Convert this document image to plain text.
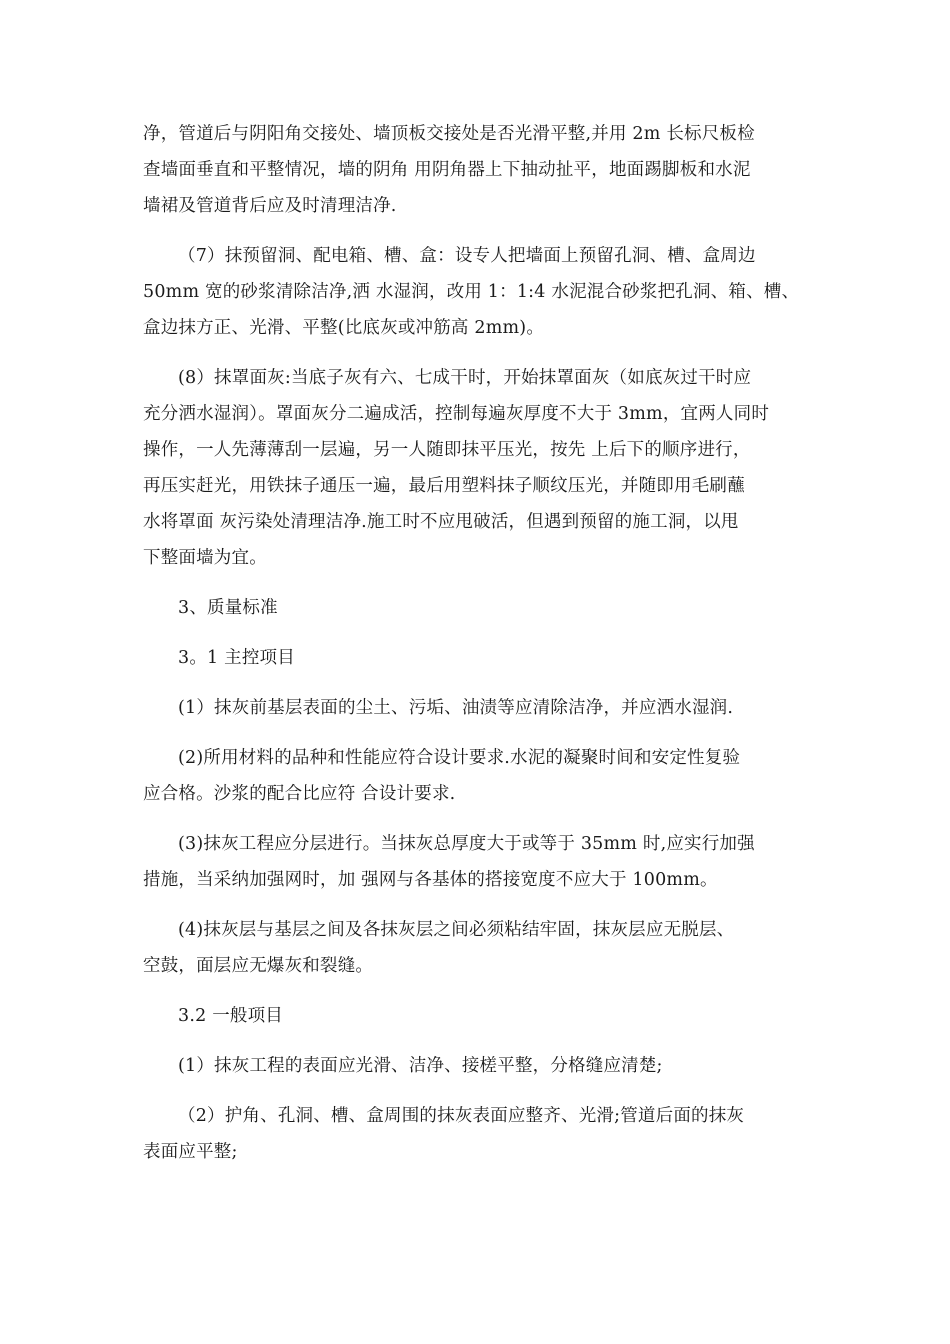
净，管道后与阴阳角交接处、墙顶板交接处是否光滑平整,并用 2m 长标尺板检
查墙面垂直和平整情况，墙的阴角 用阴角器上下抽动扯平，地面踢脚板和水泥
墙裙及管道背后应及时清理洁净.

（7）抹预留洞、配电箱、槽、盒：设专人把墙面上预留孔洞、槽、盒周边
50mm 宽的砂浆清除洁净,洒 水湿润，改用 1：1:4 水泥混合砂浆把孔洞、箱、槽、
盒边抹方正、光滑、平整(比底灰或冲筋高 2mm)。

(8）抹罩面灰:当底子灰有六、七成干时，开始抹罩面灰（如底灰过干时应
充分洒水湿润）。罩面灰分二遍成活，控制每遍灰厚度不大于 3mm，宜两人同时
操作，一人先薄薄刮一层遍，另一人随即抹平压光，按先 上后下的顺序进行，
再压实赶光，用铁抹子通压一遍，最后用塑料抹子顺纹压光，并随即用毛刷蘸
水将罩面 灰污染处清理洁净.施工时不应甩破活，但遇到预留的施工洞，以甩
下整面墙为宜。

3、质量标准

3。1 主控项目

(1）抹灰前基层表面的尘土、污垢、油渍等应清除洁净，并应洒水湿润.

(2)所用材料的品种和性能应符合设计要求.水泥的凝聚时间和安定性复验
应合格。沙浆的配合比应符 合设计要求.

(3)抹灰工程应分层进行。当抹灰总厚度大于或等于 35mm 时,应实行加强
措施，当采纳加强网时，加 强网与各基体的搭接宽度不应大于 100mm。

(4)抹灰层与基层之间及各抹灰层之间必须粘结牢固，抹灰层应无脱层、
空鼓，面层应无爆灰和裂缝。

3.2 一般项目

(1）抹灰工程的表面应光滑、洁净、接槎平整，分格缝应清楚;

（2）护角、孔洞、槽、盒周围的抹灰表面应整齐、光滑;管道后面的抹灰
表面应平整;
